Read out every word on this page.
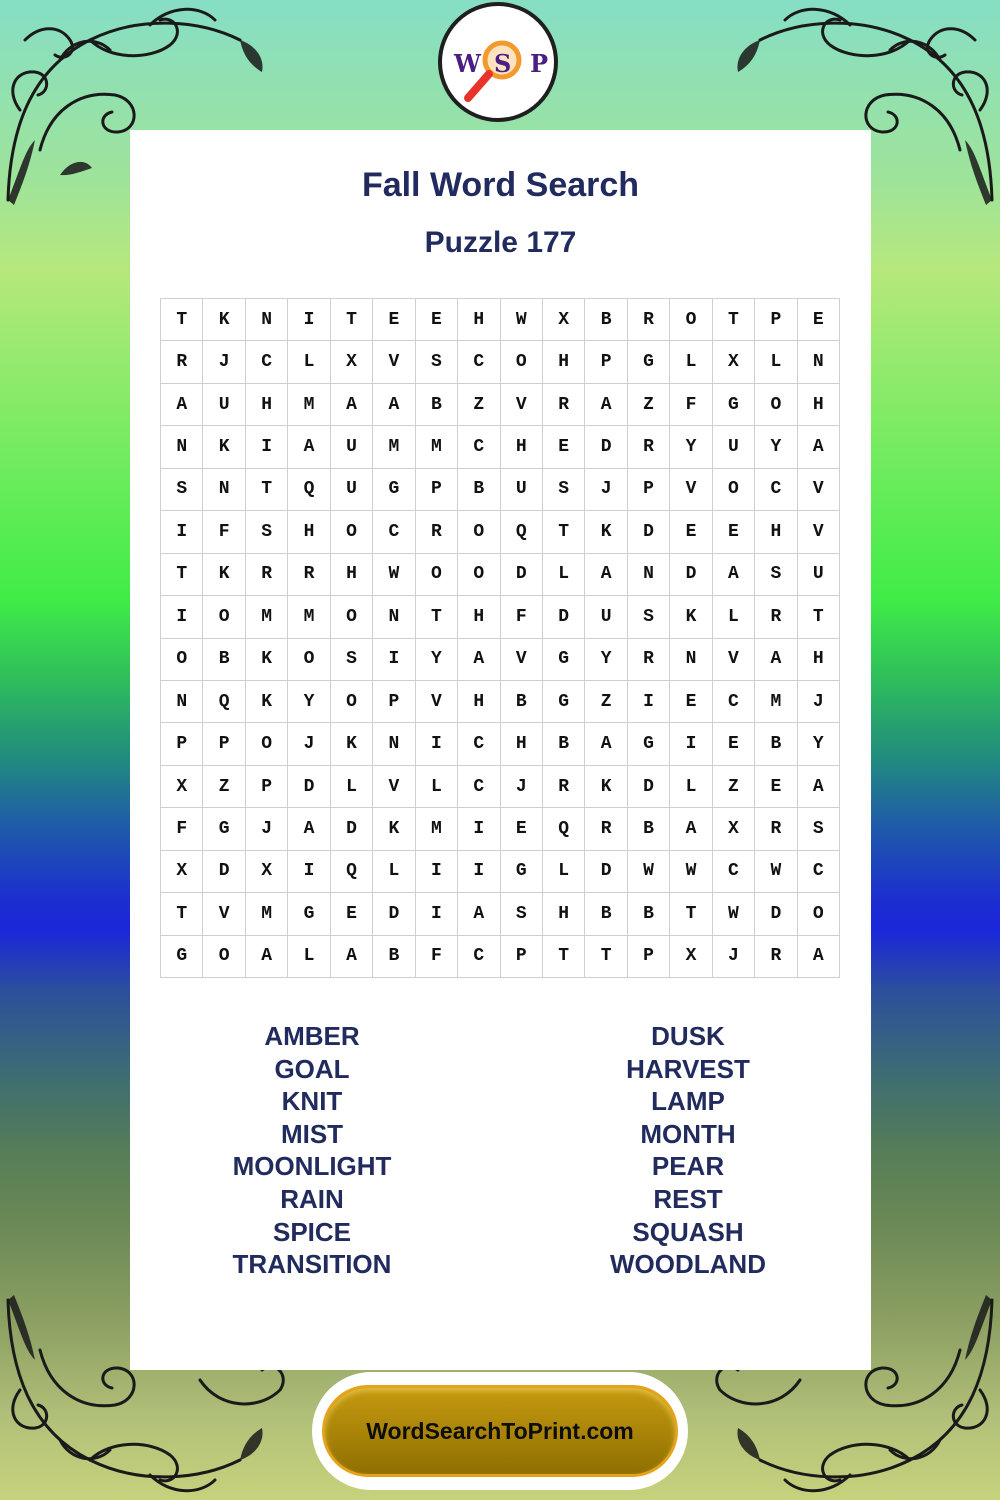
W S P
Fall Word Search
Puzzle 177
T	K	N	I	T	E	E	H	W	X	B	R	O	T	P	E
R	J	C	L	X	V	S	C	O	H	P	G	L	X	L	N
A	U	H	M	A	A	B	Z	V	R	A	Z	F	G	O	H
N	K	I	A	U	M	M	C	H	E	D	R	Y	U	Y	A
S	N	T	Q	U	G	P	B	U	S	J	P	V	O	C	V
I	F	S	H	O	C	R	O	Q	T	K	D	E	E	H	V
T	K	R	R	H	W	O	O	D	L	A	N	D	A	S	U
I	O	M	M	O	N	T	H	F	D	U	S	K	L	R	T
O	B	K	O	S	I	Y	A	V	G	Y	R	N	V	A	H
N	Q	K	Y	O	P	V	H	B	G	Z	I	E	C	M	J
P	P	O	J	K	N	I	C	H	B	A	G	I	E	B	Y
X	Z	P	D	L	V	L	C	J	R	K	D	L	Z	E	A
F	G	J	A	D	K	M	I	E	Q	R	B	A	X	R	S
X	D	X	I	Q	L	I	I	G	L	D	W	W	C	W	C
T	V	M	G	E	D	I	A	S	H	B	B	T	W	D	O
G	O	A	L	A	B	F	C	P	T	T	P	X	J	R	A
AMBER
GOAL
KNIT
MIST
MOONLIGHT
RAIN
SPICE
TRANSITION
DUSK
HARVEST
LAMP
MONTH
PEAR
REST
SQUASH
WOODLAND
WordSearchToPrint.com
